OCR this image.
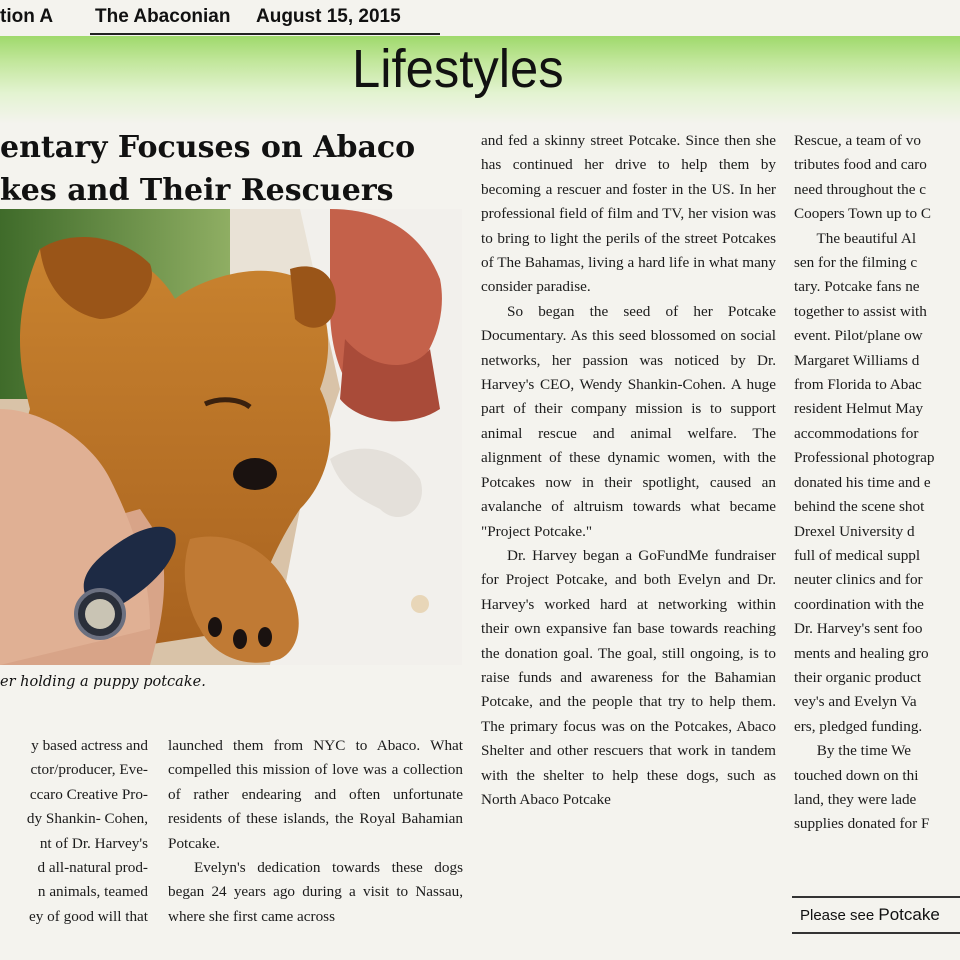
tion A The Abaconian August 15, 2015
Lifestyles
entary Focuses on Abaco
kes and Their Rescuers
er holding a puppy potcake.
y based actress and
ctor/producer, Eve-
ccaro Creative Pro-
dy Shankin- Cohen,
nt of Dr. Harvey's
d all-natural prod-
n animals, teamed
ey of good will that

launched them from NYC to Abaco. What compelled this mission of love was a collection of rather endearing and often unfortunate residents of these islands, the Royal Bahamian Potcake.

Evelyn's dedication towards these dogs began 24 years ago during a visit to Nassau, where she first came across

and fed a skinny street Potcake. Since then she has continued her drive to help them by becoming a rescuer and foster in the US. In her professional field of film and TV, her vision was to bring to light the perils of the street Potcakes of The Bahamas, living a hard life in what many consider paradise.

So began the seed of her Potcake Documentary. As this seed blossomed on social networks, her passion was noticed by Dr. Harvey's CEO, Wendy Shankin-Cohen. A huge part of their company mission is to support animal rescue and animal welfare. The alignment of these dynamic women, with the Potcakes now in their spotlight, caused an avalanche of altruism towards what became "Project Potcake."

Dr. Harvey began a GoFundMe fundraiser for Project Potcake, and both Evelyn and Dr. Harvey's worked hard at networking within their own expansive fan base towards reaching the donation goal. The goal, still ongoing, is to raise funds and awareness for the Bahamian Potcake, and the people that try to help them. The primary focus was on the Potcakes, Abaco Shelter and other rescuers that work in tandem with the shelter to help these dogs, such as North Abaco Potcake

Rescue, a team of vo
tributes food and caro
need throughout the c
Coopers Town up to C
The beautiful Al
sen for the filming c
tary. Potcake fans ne
together to assist with
event. Pilot/plane ow
Margaret Williams d
from Florida to Abac
resident Helmut May
accommodations for
Professional photograp
donated his time and e
behind the scene shot
Drexel University d
full of medical suppl
neuter clinics and for
coordination with the
Dr. Harvey's sent foo
ments and healing gro
their organic product
vey's and Evelyn Va
ers, pledged funding.
By the time We
touched down on thi
land, they were lade
supplies donated for F
Please see Potcake
